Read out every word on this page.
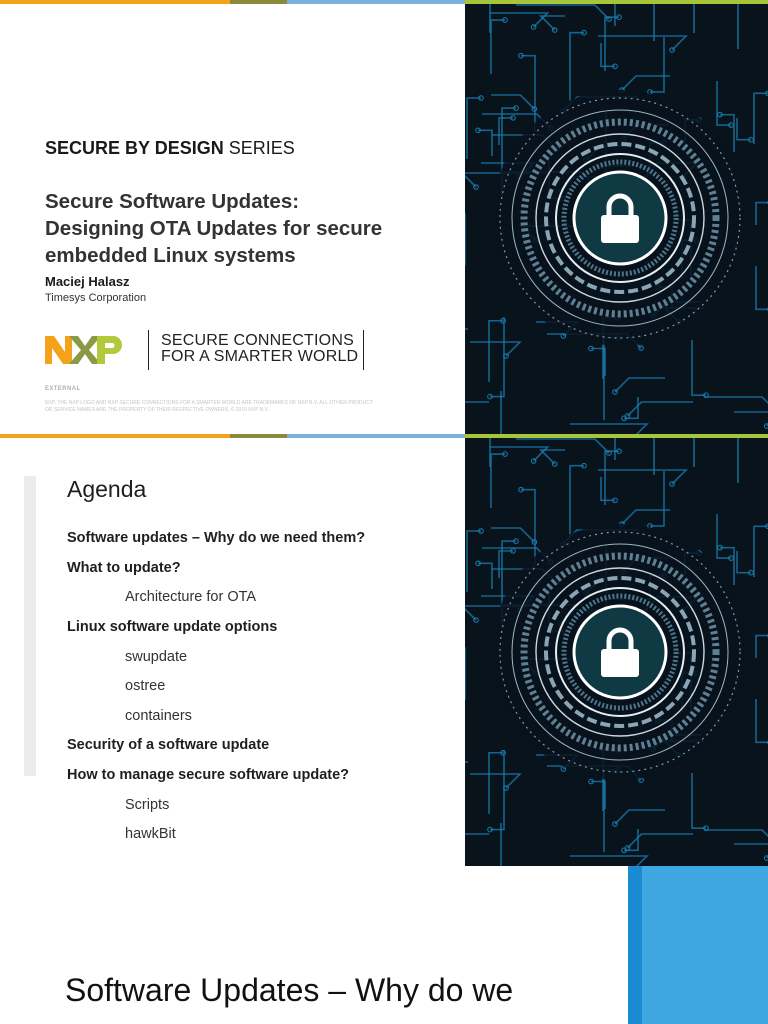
SECURE BY DESIGN SERIES
Secure Software Updates:
Designing OTA Updates for secure
embedded Linux systems
Maciej Halasz
Timesys Corporation
SECURE CONNECTIONS
FOR A SMARTER WORLD
EXTERNAL
NXP, THE NXP LOGO AND NXP SECURE CONNECTIONS FOR A SMARTER WORLD ARE TRADEMARKS OF NXP B.V. ALL OTHER PRODUCT OR SERVICE NAMES ARE THE PROPERTY OF THEIR RESPECTIVE OWNERS. © 2019 NXP B.V.
Agenda
Software updates – Why do we need them?
What to update?
Architecture for OTA
Linux software update options
swupdate
ostree
containers
Security of a software update
How to manage secure software update?
Scripts
hawkBit
Software Updates – Why do we
